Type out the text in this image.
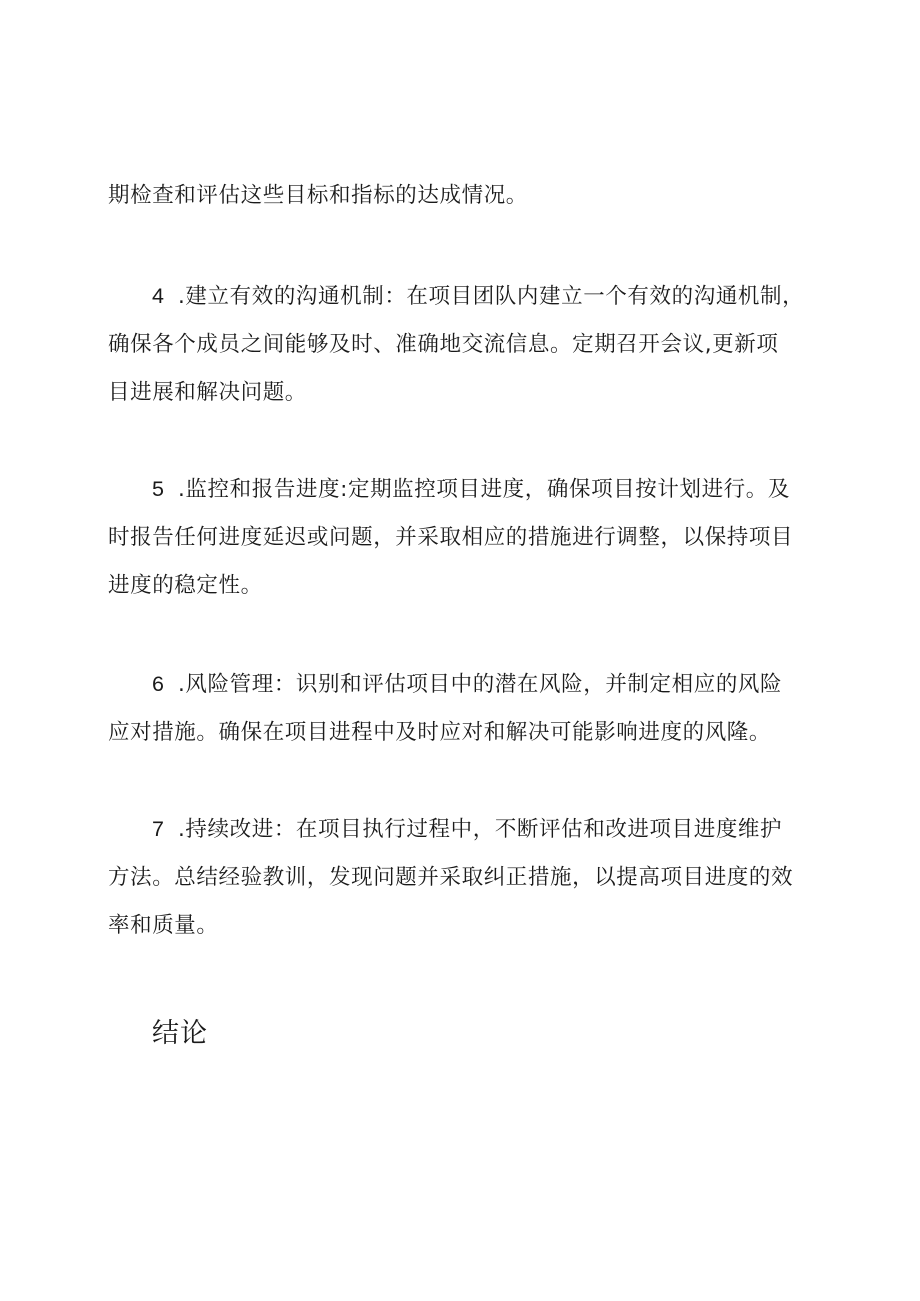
期检查和评估这些目标和指标的达成情况。
4 .建立有效的沟通机制：在项目团队内建立一个有效的沟通机制，
确保各个成员之间能够及时、准确地交流信息。定期召开会议,更新项
目进展和解决问题。
5 .监控和报告进度:定期监控项目进度，确保项目按计划进行。及
时报告任何进度延迟或问题，并采取相应的措施进行调整，以保持项目
进度的稳定性。
6 .风险管理：识别和评估项目中的潜在风险，并制定相应的风险
应对措施。确保在项目进程中及时应对和解决可能影响进度的风隆。
7 .持续改进：在项目执行过程中，不断评估和改进项目进度维护
方法。总结经验教训，发现问题并采取纠正措施，以提高项目进度的效
率和质量。
结论
